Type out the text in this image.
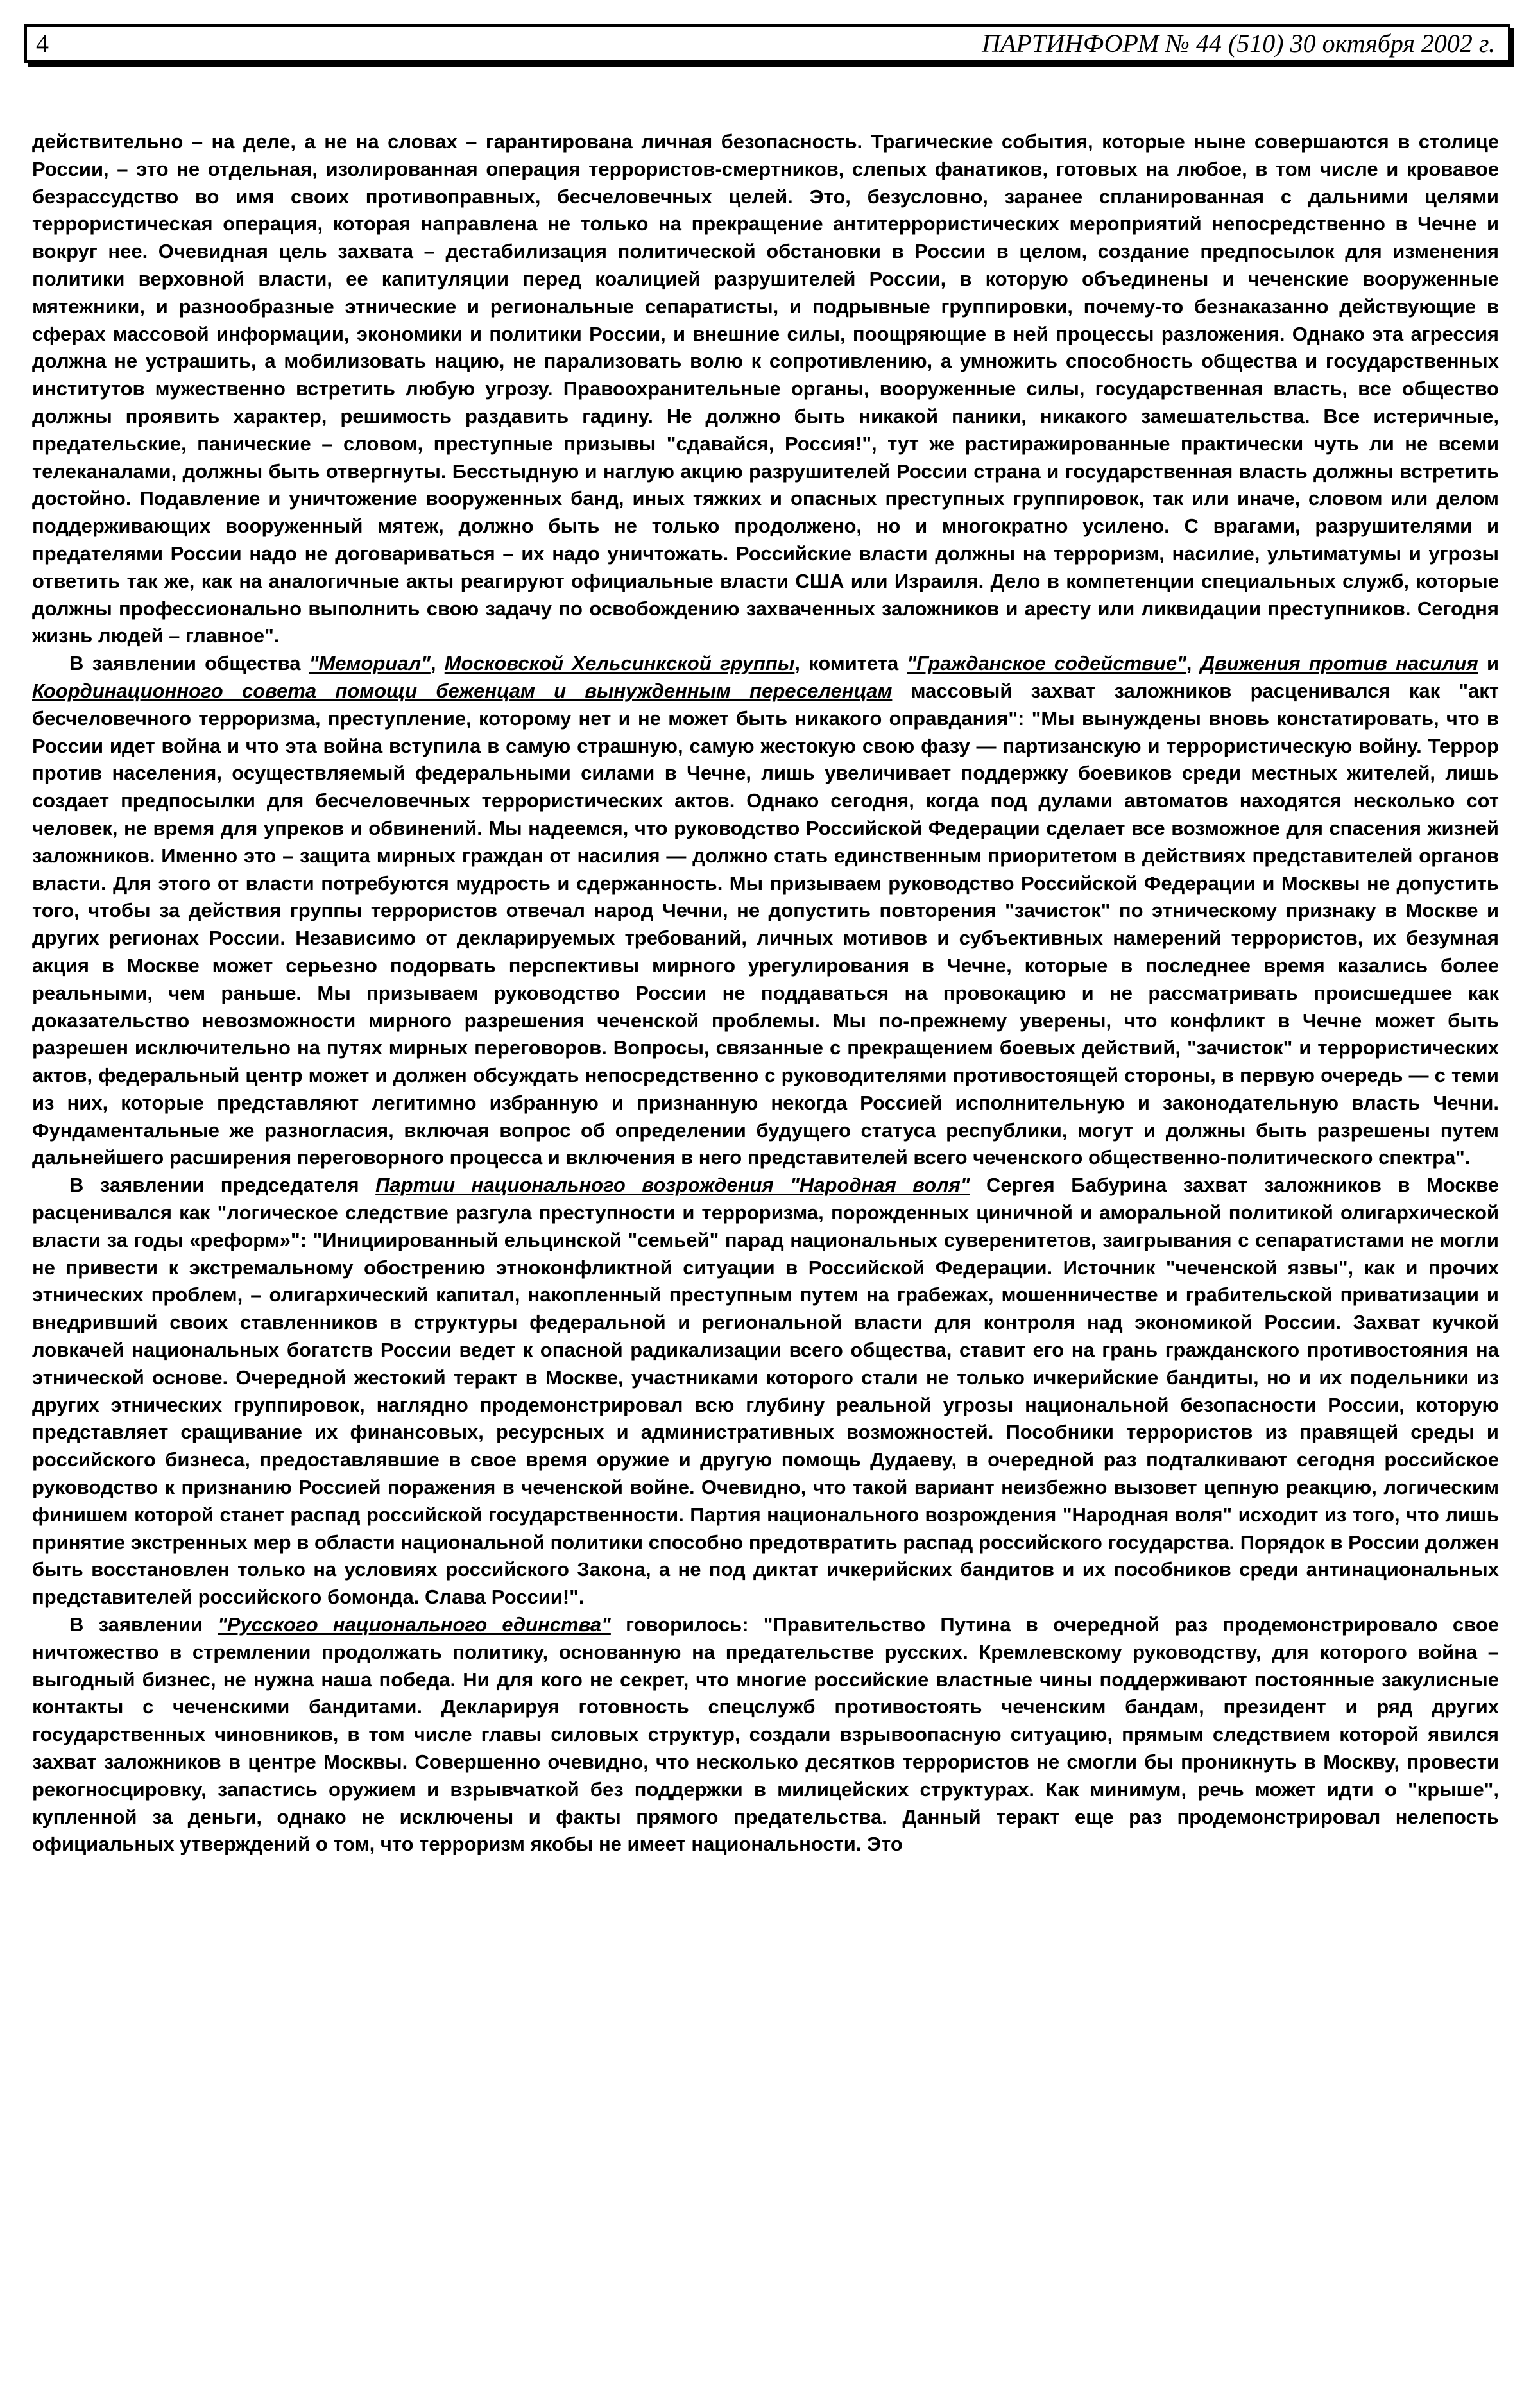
4	ПАРТИНФОРМ № 44 (510) 30 октября 2002 г.

действительно – на деле, а не на словах – гарантирована личная безопасность. Трагические события, которые ныне совершаются в столице России, – это не отдельная, изолированная операция террористов-смертников, слепых фанатиков, готовых на любое, в том числе и кровавое безрассудство во имя своих противоправных, бесчеловечных целей. Это, безусловно, заранее спланированная с дальними целями террористическая операция, которая направлена не только на прекращение антитеррористических мероприятий непосредственно в Чечне и вокруг нее. Очевидная цель захвата – дестабилизация политической обстановки в России в целом, создание предпосылок для изменения политики верховной власти, ее капитуляции перед коалицией разрушителей России, в которую объединены и чеченские вооруженные мятежники, и разнообразные этнические и региональные сепаратисты, и подрывные группировки, почему-то безнаказанно действующие в сферах массовой информации, экономики и политики России, и внешние силы, поощряющие в ней процессы разложения. Однако эта агрессия должна не устрашить, а мобилизовать нацию, не парализовать волю к сопротивлению, а умножить способность общества и государственных институтов мужественно встретить любую угрозу. Правоохранительные органы, вооруженные силы, государственная власть, все общество должны проявить характер, решимость раздавить гадину. Не должно быть никакой паники, никакого замешательства. Все истеричные, предательские, панические – словом, преступные призывы "сдавайся, Россия!", тут же растиражированные практически чуть ли не всеми телеканалами, должны быть отвергнуты. Бесстыдную и наглую акцию разрушителей России страна и государственная власть должны встретить достойно. Подавление и уничтожение вооруженных банд, иных тяжких и опасных преступных группировок, так или иначе, словом или делом поддерживающих вооруженный мятеж, должно быть не только продолжено, но и многократно усилено. С врагами, разрушителями и предателями России надо не договариваться – их надо уничтожать. Российские власти должны на терроризм, насилие, ультиматумы и угрозы ответить так же, как на аналогичные акты реагируют официальные власти США или Израиля. Дело в компетенции специальных служб, которые должны профессионально выполнить свою задачу по освобождению захваченных заложников и аресту или ликвидации преступников. Сегодня жизнь людей – главное".

В заявлении общества "Мемориал", Московской Хельсинкской группы, комитета "Гражданское содействие", Движения против насилия и Координационного совета помощи беженцам и вынужденным переселенцам массовый захват заложников расценивался как "акт бесчеловечного терроризма, преступление, которому нет и не может быть никакого оправдания": "Мы вынуждены вновь констатировать, что в России идет война и что эта война вступила в самую страшную, самую жестокую свою фазу — партизанскую и террористическую войну. Террор против населения, осуществляемый федеральными силами в Чечне, лишь увеличивает поддержку боевиков среди местных жителей, лишь создает предпосылки для бесчеловечных террористических актов. Однако сегодня, когда под дулами автоматов находятся несколько сот человек, не время для упреков и обвинений. Мы надеемся, что руководство Российской Федерации сделает все возможное для спасения жизней заложников. Именно это – защита мирных граждан от насилия — должно стать единственным приоритетом в действиях представителей органов власти. Для этого от власти потребуются мудрость и сдержанность. Мы призываем руководство Российской Федерации и Москвы не допустить того, чтобы за действия группы террористов отвечал народ Чечни, не допустить повторения "зачисток" по этническому признаку в Москве и других регионах России. Независимо от декларируемых требований, личных мотивов и субъективных намерений террористов, их безумная акция в Москве может серьезно подорвать перспективы мирного урегулирования в Чечне, которые в последнее время казались более реальными, чем раньше. Мы призываем руководство России не поддаваться на провокацию и не рассматривать происшедшее как доказательство невозможности мирного разрешения чеченской проблемы. Мы по-прежнему уверены, что конфликт в Чечне может быть разрешен исключительно на путях мирных переговоров. Вопросы, связанные с прекращением боевых действий, "зачисток" и террористических актов, федеральный центр может и должен обсуждать непосредственно с руководителями противостоящей стороны, в первую очередь — с теми из них, которые представляют легитимно избранную и признанную некогда Россией исполнительную и законодательную власть Чечни. Фундаментальные же разногласия, включая вопрос об определении будущего статуса республики, могут и должны быть разрешены путем дальнейшего расширения переговорного процесса и включения в него представителей всего чеченского общественно-политического спектра".

В заявлении председателя Партии национального возрождения "Народная воля" Сергея Бабурина захват заложников в Москве расценивался как "логическое следствие разгула преступности и терроризма, порожденных циничной и аморальной политикой олигархической власти за годы «реформ»": "Инициированный ельцинской "семьей" парад национальных суверенитетов, заигрывания с сепаратистами не могли не привести к экстремальному обострению этноконфликтной ситуации в Российской Федерации. Источник "чеченской язвы", как и прочих этнических проблем, – олигархический капитал, накопленный преступным путем на грабежах, мошенничестве и грабительской приватизации и внедривший своих ставленников в структуры федеральной и региональной власти для контроля над экономикой России. Захват кучкой ловкачей национальных богатств России ведет к опасной радикализации всего общества, ставит его на грань гражданского противостояния на этнической основе. Очередной жестокий теракт в Москве, участниками которого стали не только ичкерийские бандиты, но и их подельники из других этнических группировок, наглядно продемонстрировал всю глубину реальной угрозы национальной безопасности России, которую представляет сращивание их финансовых, ресурсных и административных возможностей. Пособники террористов из правящей среды и российского бизнеса, предоставлявшие в свое время оружие и другую помощь Дудаеву, в очередной раз подталкивают сегодня российское руководство к признанию Россией поражения в чеченской войне. Очевидно, что такой вариант неизбежно вызовет цепную реакцию, логическим финишем которой станет распад российской государственности. Партия национального возрождения "Народная воля" исходит из того, что лишь принятие экстренных мер в области национальной политики способно предотвратить распад российского государства. Порядок в России должен быть восстановлен только на условиях российского Закона, а не под диктат ичкерийских бандитов и их пособников среди антинациональных представителей российского бомонда. Слава России!".

В заявлении "Русского национального единства" говорилось: "Правительство Путина в очередной раз продемонстрировало свое ничтожество в стремлении продолжать политику, основанную на предательстве русских. Кремлевскому руководству, для которого война – выгодный бизнес, не нужна наша победа. Ни для кого не секрет, что многие российские властные чины поддерживают постоянные закулисные контакты с чеченскими бандитами. Декларируя готовность спецслужб противостоять чеченским бандам, президент и ряд других государственных чиновников, в том числе главы силовых структур, создали взрывоопасную ситуацию, прямым следствием которой явился захват заложников в центре Москвы. Совершенно очевидно, что несколько десятков террористов не смогли бы проникнуть в Москву, провести рекогносцировку, запастись оружием и взрывчаткой без поддержки в милицейских структурах. Как минимум, речь может идти о "крыше", купленной за деньги, однако не исключены и факты прямого предательства. Данный теракт еще раз продемонстрировал нелепость официальных утверждений о том, что терроризм якобы не имеет национальности. Это
